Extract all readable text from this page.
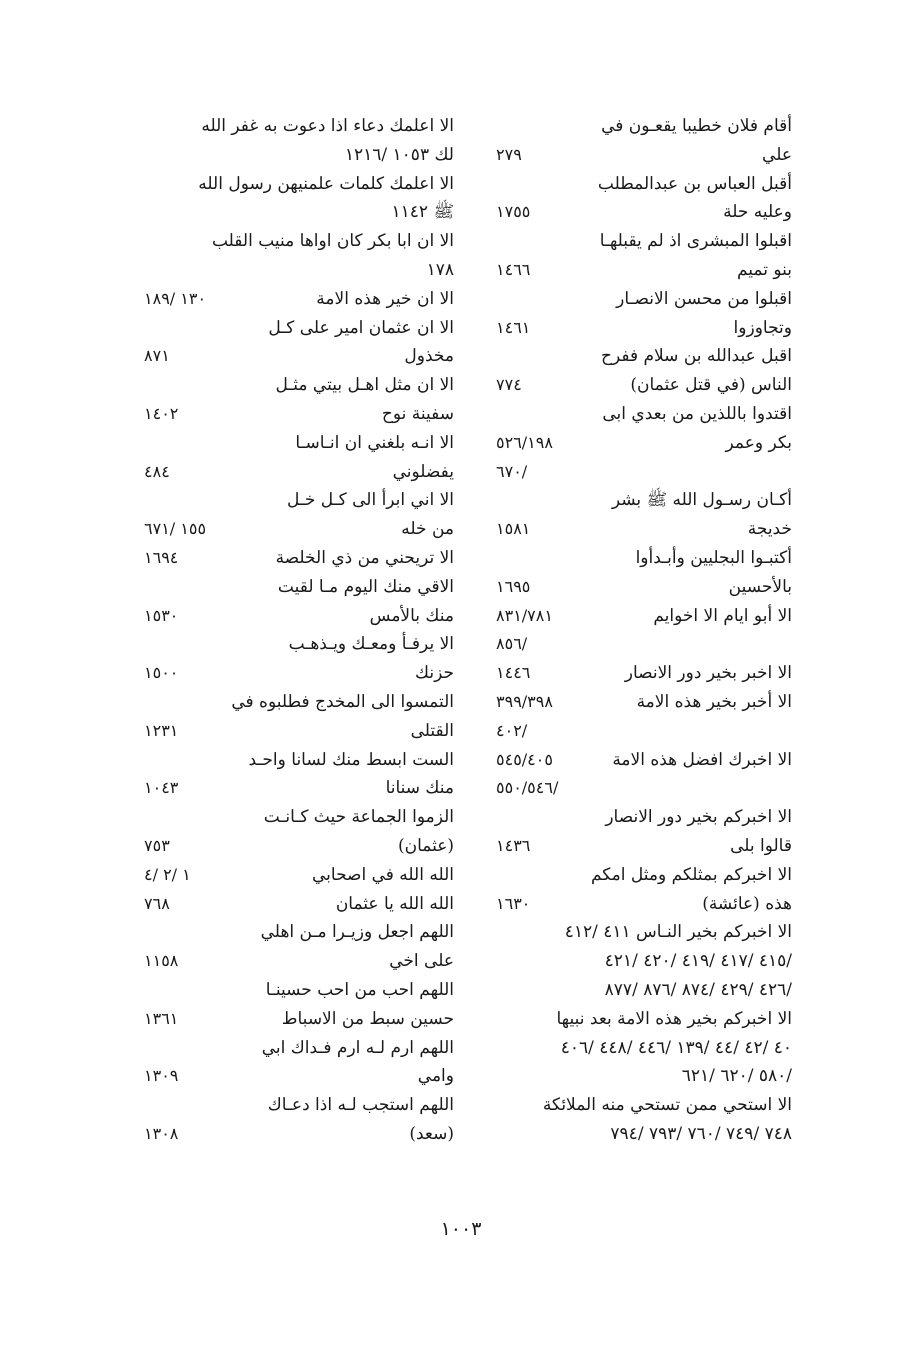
أقام فلان خطيبا يقعـون في
علي
٢٧٩
أقبل العباس بن عبدالمطلب
وعليه حلة
١٧٥٥
اقبلوا المبشرى اذ لم يقبلهـا
بنو تميم
١٤٦٦
اقبلوا من محسن الانصـار
وتجاوزوا
١٤٦١
اقبل عبدالله بن سلام ففرح
الناس (في قتل عثمان)
٧٧٤
اقتدوا باللذين من بعدي ابى
بكر وعمر
٥٢٦/١٩٨
٦٧٠/
أكـان رسـول الله ﷺ بشر
خديجة
١٥٨١
أكتبـوا البجليين وأبـدأوا
بالأحسين
١٦٩٥
الا أبو ايام الا اخوايم
٨٣١/٧٨١
٨٥٦/
الا اخبر بخير دور الانصار
١٤٤٦
الا أخبر بخير هذه الامة
٣٩٩/٣٩٨
٤٠٢/
الا اخبرك افضل هذه الامة
٥٤٥/٤٠٥
٥٥٠/٥٤٦/
الا اخبركم بخير دور الانصار
قالوا بلى
١٤٣٦
الا اخبركم بمثلكم ومثل امكم
هذه (عائشة)
١٦٣٠
الا اخبركم بخير النـاس ٤١١ /٤١٢
/٤١٥ /٤١٧ /٤١٩ /٤٢٠ /٤٢١
/٤٢٦ /٤٢٩ /٨٧٤ /٨٧٦ /٨٧٧
الا اخبركم بخير هذه الامة بعد نبيها
٤٠ /٤٢ /٤٤ /١٣٩ /٤٤٦ /٤٤٨ /٤٠٦
/٥٨٠ /٦٢٠ /٦٢١
الا استحي ممن تستحي منه الملائكة
٧٤٨ /٧٤٩ /٧٦٠ /٧٩٣ /٧٩٤
الا اعلمك دعاء اذا دعوت به غفر الله
لك ١٠٥٣ /١٢١٦
الا اعلمك كلمات علمنيهن رسول الله
ﷺ ١١٤٢
الا ان ابا بكر كان اواها منيب القلب
١٧٨
الا ان خير هذه الامة
١٣٠ /١٨٩
الا ان عثمان امير على كـل
مخذول
٨٧١
الا ان مثل اهـل بيتي مثـل
سفينة نوح
١٤٠٢
الا انـه بلغني ان انـاسـا
يفضلوني
٤٨٤
الا اني ابرأ الى كـل خـل
من خله
١٥٥ /٦٧١
الا تريحني من ذي الخلصة
١٦٩٤
الاقي منك اليوم مـا لقيت
منك بالأمس
١٥٣٠
الا يرفـأ ومعـك ويـذهـب
حزنك
١٥٠٠
التمسوا الى المخدج فطلبوه في
القتلى
١٢٣١
الست ابسط منك لسانا واحـد
منك سنانا
١٠٤٣
الزموا الجماعة حيث كـانـت
(عثمان)
٧٥٣
الله الله في اصحابي
١ /٢ /٤
الله الله يا عثمان
٧٦٨
اللهم اجعل وزيـرا مـن اهلي
على اخي
١١٥٨
اللهم احب من احب حسينـا
حسين سبط من الاسباط
١٣٦١
اللهم ارم لـه ارم فـداك ابي
وامي
١٣٠٩
اللهم استجب لـه اذا دعـاك
(سعد)
١٣٠٨
١٠٠٣
